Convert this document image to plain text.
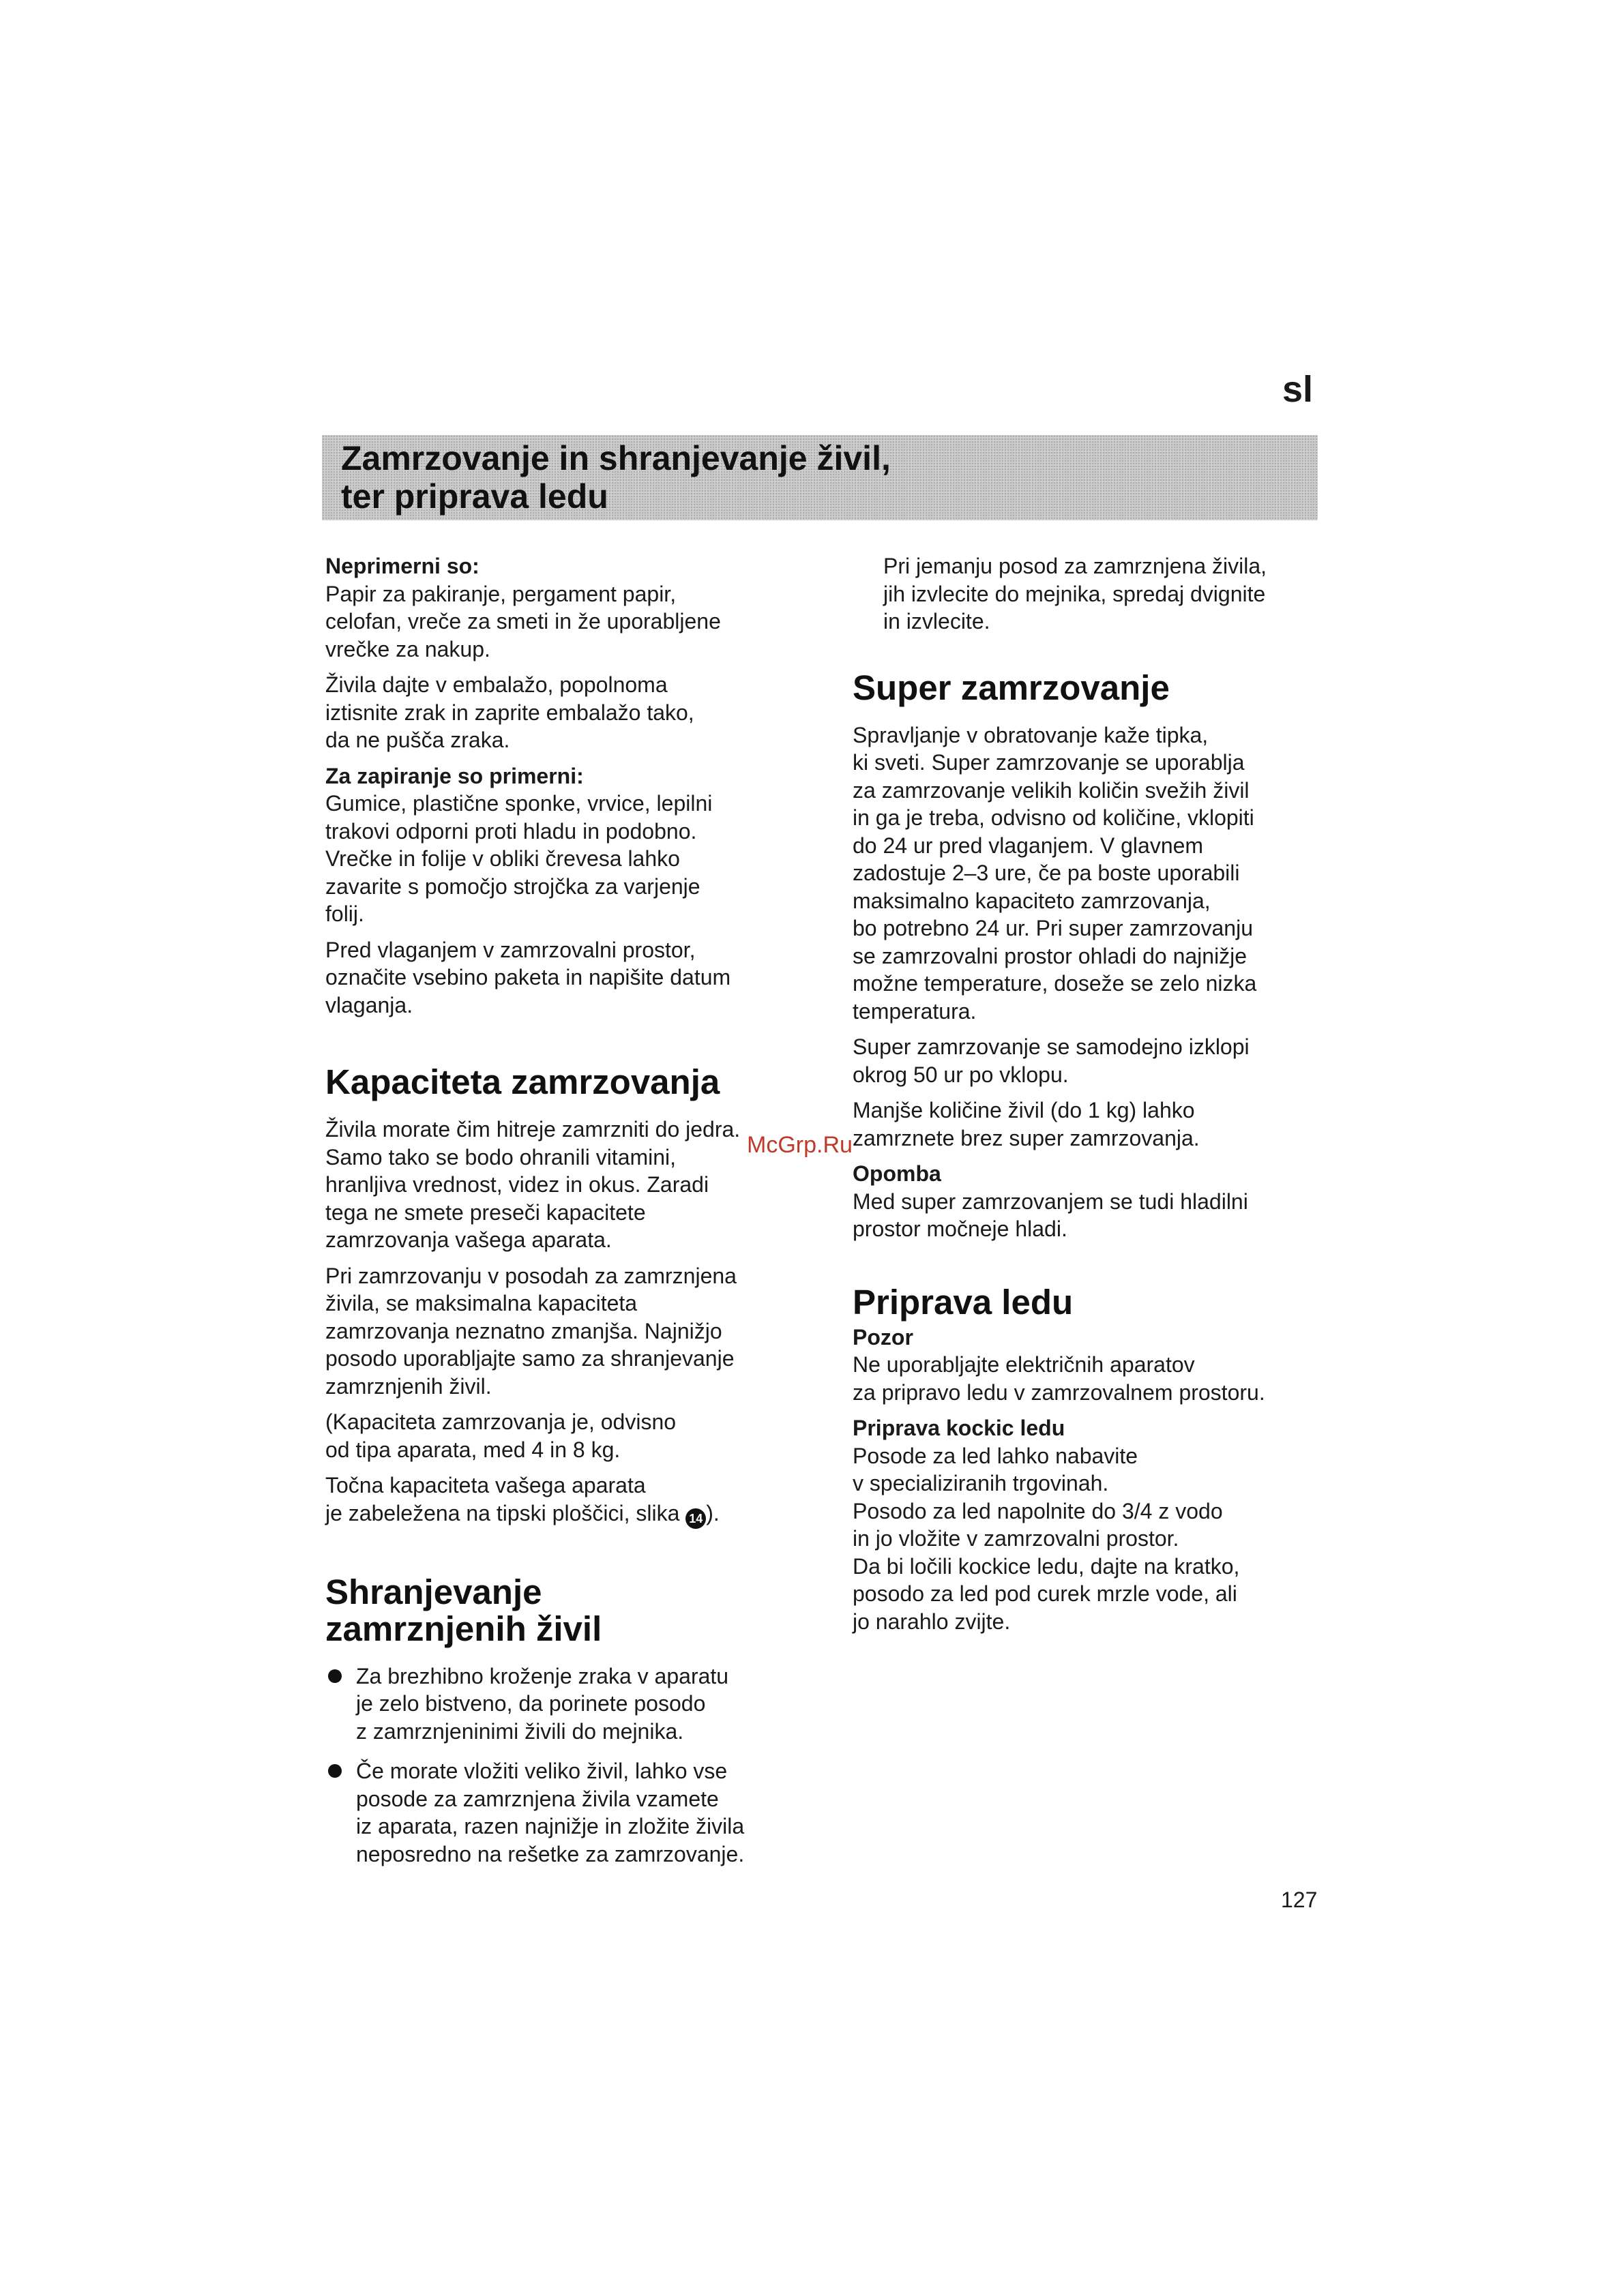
sl
Zamrzovanje in shranjevanje živil,
ter priprava ledu

Neprimerni so:

Papir za pakiranje, pergament papir,
celofan, vreče za smeti in že uporabljene
vrečke za nakup.

Živila dajte v embalažo, popolnoma
iztisnite zrak in zaprite embalažo tako,
da ne pušča zraka.

Za zapiranje so primerni:

Gumice, plastične sponke, vrvice, lepilni
trakovi odporni proti hladu in podobno.
Vrečke in folije v obliki črevesa lahko
zavarite s pomočjo strojčka za varjenje
folij.

Pred vlaganjem v zamrzovalni prostor,
označite vsebino paketa in napišite datum
vlaganja.

Kapaciteta zamrzovanja

Živila morate čim hitreje zamrzniti do jedra.
Samo tako se bodo ohranili vitamini,
hranljiva vrednost, videz in okus. Zaradi
tega ne smete preseči kapacitete
zamrzovanja vašega aparata.

Pri zamrzovanju v posodah za zamrznjena
živila, se maksimalna kapaciteta
zamrzovanja neznatno zmanjša. Najnižjo
posodo uporabljajte samo za shranjevanje
zamrznjenih živil.

(Kapaciteta zamrzovanja je, odvisno
od tipa aparata, med 4 in 8 kg.

Točna kapaciteta vašega aparata
je zabeležena na tipski ploščici, slika 14 ).

Shranjevanje
zamrznjenih živil
Za brezhibno kroženje zraka v aparatu
je zelo bistveno, da porinete posodo
z zamrznjeninimi živili do mejnika.
Če morate vložiti veliko živil, lahko vse
posode za zamrznjena živila vzamete
iz aparata, razen najnižje in zložite živila
neposredno na rešetke za zamrzovanje.

Pri jemanju posod za zamrznjena živila,
jih izvlecite do mejnika, spredaj dvignite
in izvlecite.

Super zamrzovanje

Spravljanje v obratovanje kaže tipka,
ki sveti. Super zamrzovanje se uporablja
za zamrzovanje velikih količin svežih živil
in ga je treba, odvisno od količine, vklopiti
do 24 ur pred vlaganjem. V glavnem
zadostuje 2–3 ure, če pa boste uporabili
maksimalno kapaciteto zamrzovanja,
bo potrebno 24 ur. Pri super zamrzovanju
se zamrzovalni prostor ohladi do najnižje
možne temperature, doseže se zelo nizka
temperatura.

Super zamrzovanje se samodejno izklopi
okrog 50 ur po vklopu.

Manjše količine živil (do 1 kg) lahko
zamrznete brez super zamrzovanja.

Opomba

Med super zamrzovanjem se tudi hladilni
prostor močneje hladi.

Priprava ledu

Pozor

Ne uporabljajte električnih aparatov
za pripravo ledu v zamrzovalnem prostoru.

Priprava kockic ledu

Posode za led lahko nabavite
v specializiranih trgovinah.
Posodo za led napolnite do 3/4 z vodo
in jo vložite v zamrzovalni prostor.
Da bi ločili kockice ledu, dajte na kratko,
posodo za led pod curek mrzle vode, ali
jo narahlo zvijte.

McGrp.Ru
127
